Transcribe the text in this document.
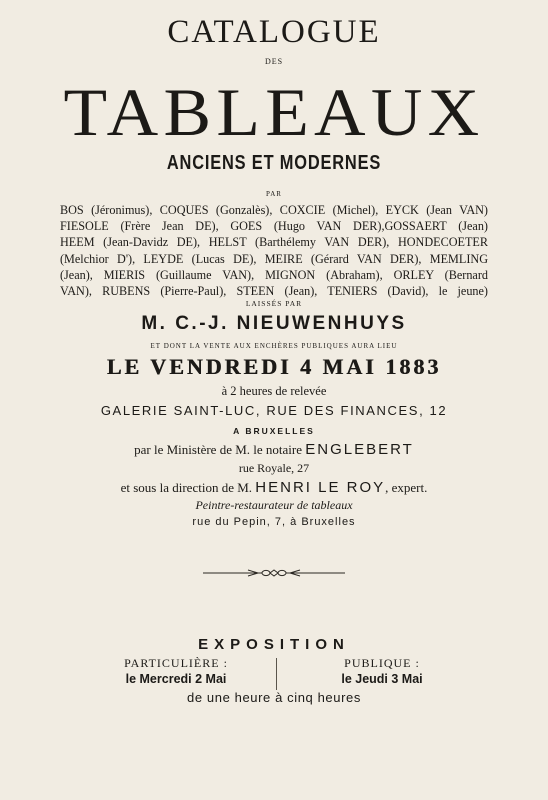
CATALOGUE
DES
TABLEAUX
ANCIENS ET MODERNES
PAR
BOS (Jéronimus), COQUES (Gonzalès), COXCIE (Michel), EYCK (Jean VAN)
FIESOLE (Frère Jean DE), GOES (Hugo VAN DER),GOSSAERT (Jean)
HEEM (Jean-Davidz DE), HELST (Barthélemy VAN DER), HONDECOETER
(Melchior D'), LEYDE (Lucas DE), MEIRE (Gérard VAN DER), MEMLING
(Jean), MIERIS (Guillaume VAN), MIGNON (Abraham), ORLEY (Bernard
VAN), RUBENS (Pierre-Paul), STEEN (Jean), TENIERS (David), le jeune)
LAISSÉS PAR
M. C.-J. NIEUWENHUYS
ET DONT LA VENTE AUX ENCHÈRES PUBLIQUES AURA LIEU
LE VENDREDI 4 MAI 1883
à 2 heures de relevée
GALERIE SAINT-LUC, RUE DES FINANCES, 12
A BRUXELLES
par le Ministère de M. le notaire ENGLEBERT
rue Royale, 27
et sous la direction de M. HENRI LE ROY, expert.
Peintre-restaurateur de tableaux
rue du Pepin, 7, à Bruxelles
EXPOSITION
PARTICULIÈRE :
le Mercredi 2 Mai
PUBLIQUE :
le Jeudi 3 Mai
de une heure à cinq heures
